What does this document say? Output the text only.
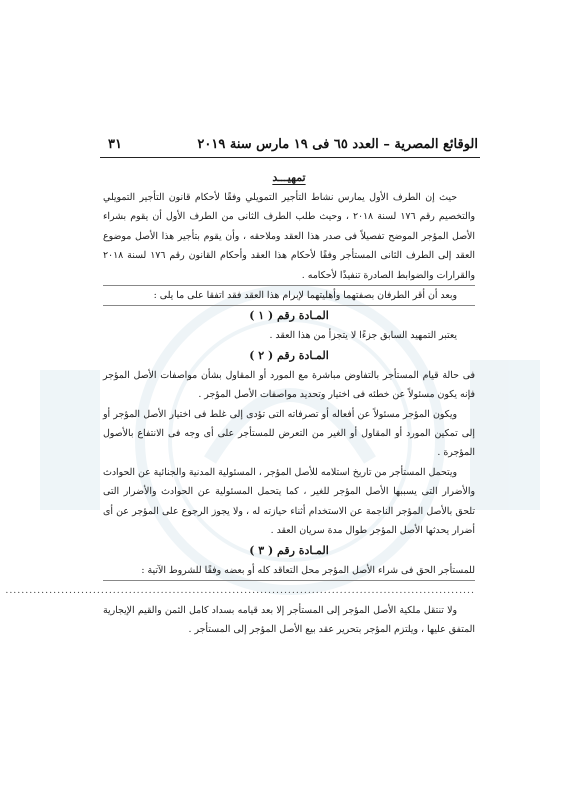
الوقائع المصرية – العدد ٦٥ فى ١٩ مارس سنة ٢٠١٩
٣١

تمهيـــد

حيث إن الطرف الأول يمارس نشاط التأجير التمويلي وفقًا لأحكام قانون التأجير التمويلي والتخصيم رقم ١٧٦ لسنة ٢٠١٨ ، وحيث طلب الطرف الثانى من الطرف الأول أن يقوم بشراء الأصل المؤجر الموضح تفصيلاً فى صدر هذا العقد وملاحقه ، وأن يقوم بتأجير هذا الأصل موضوع العقد إلى الطرف الثانى المستأجر وفقًا لأحكام هذا العقد وأحكام القانون رقم ١٧٦ لسنة ٢٠١٨ والقرارات والضوابط الصادرة تنفيذًا لأحكامه .

وبعد أن أقر الطرفان بصفتهما وأهليتهما لإبرام هذا العقد فقد اتفقا على ما يلى :

المـادة رقم ( ١ )

يعتبر التمهيد السابق جزءًا لا يتجزأ من هذا العقد .

المـادة رقم ( ٢ )

فى حالة قيام المستأجر بالتفاوض مباشرة مع المورد أو المقاول بشأن مواصفات الأصل المؤجر فإنه يكون مسئولاً عن خطئه فى اختيار وتحديد مواصفات الأصل المؤجر .

ويكون المؤجر مسئولاً عن أفعاله أو تصرفاته التى تؤدى إلى غلط فى اختيار الأصل المؤجر أو إلى تمكين المورد أو المقاول أو الغير من التعرض للمستأجر على أى وجه فى الانتفاع بالأصول المؤجرة .

ويتحمل المستأجر من تاريخ استلامه للأصل المؤجر ، المسئولية المدنية والجنائية عن الحوادث والأضرار التى يسببها الأصل المؤجر للغير ، كما يتحمل المسئولية عن الحوادث والأضرار التى تلحق بالأصل المؤجر الناجمة عن الاستخدام أثناء حيازته له ، ولا يجوز الرجوع على المؤجر عن أى أضرار يحدثها الأصل المؤجر طوال مدة سريان العقد .

المـادة رقم ( ٣ )

للمستأجر الحق فى شراء الأصل المؤجر محل التعاقد كله أو بعضه وفقًا للشروط الآتية :

......................................................................................................................

ولا تنتقل ملكية الأصل المؤجر إلى المستأجر إلا بعد قيامه بسداد كامل الثمن والقيم الإيجارية المتفق عليها ، ويلتزم المؤجر بتحرير عقد بيع الأصل المؤجر إلى المستأجر .
